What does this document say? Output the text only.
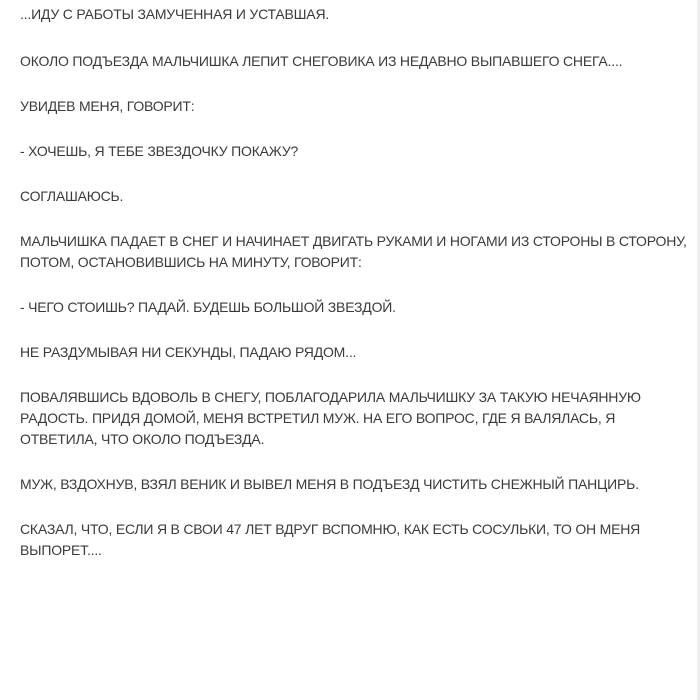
...ИДУ С РАБОТЫ ЗАМУЧЕННАЯ И УСТАВШАЯ.

ОКОЛО ПОДЪЕЗДА МАЛЬЧИШКА ЛЕПИТ СНЕГОВИКА ИЗ НЕДАВНО ВЫПАВШЕГО СНЕГА....

УВИДЕВ МЕНЯ, ГОВОРИТ:

- ХОЧЕШЬ, Я ТЕБЕ ЗВЕЗДОЧКУ ПОКАЖУ?

СОГЛАШАЮСЬ.

МАЛЬЧИШКА ПАДАЕТ В СНЕГ И НАЧИНАЕТ ДВИГАТЬ РУКАМИ И НОГАМИ ИЗ СТОРОНЫ В СТОРОНУ, ПОТОМ, ОСТАНОВИВШИСЬ НА МИНУТУ, ГОВОРИТ:

- ЧЕГО СТОИШЬ? ПАДАЙ. БУДЕШЬ БОЛЬШОЙ ЗВЕЗДОЙ.

НЕ РАЗДУМЫВАЯ НИ СЕКУНДЫ, ПАДАЮ РЯДОМ...

ПОВАЛЯВШИСЬ ВДОВОЛЬ В СНЕГУ, ПОБЛАГОДАРИЛА МАЛЬЧИШКУ ЗА ТАКУЮ НЕЧАЯННУЮ РАДОСТЬ. ПРИДЯ ДОМОЙ, МЕНЯ ВСТРЕТИЛ МУЖ. НА ЕГО ВОПРОС, ГДЕ Я ВАЛЯЛАСЬ, Я ОТВЕТИЛА, ЧТО ОКОЛО ПОДЪЕЗДА.

МУЖ, ВЗДОХНУВ, ВЗЯЛ ВЕНИК И ВЫВЕЛ МЕНЯ В ПОДЪЕЗД ЧИСТИТЬ СНЕЖНЫЙ ПАНЦИРЬ.

СКАЗАЛ, ЧТО, ЕСЛИ Я В СВОИ 47 ЛЕТ ВДРУГ ВСПОМНЮ, КАК ЕСТЬ СОСУЛЬКИ, ТО ОН МЕНЯ ВЫПОРЕТ....
